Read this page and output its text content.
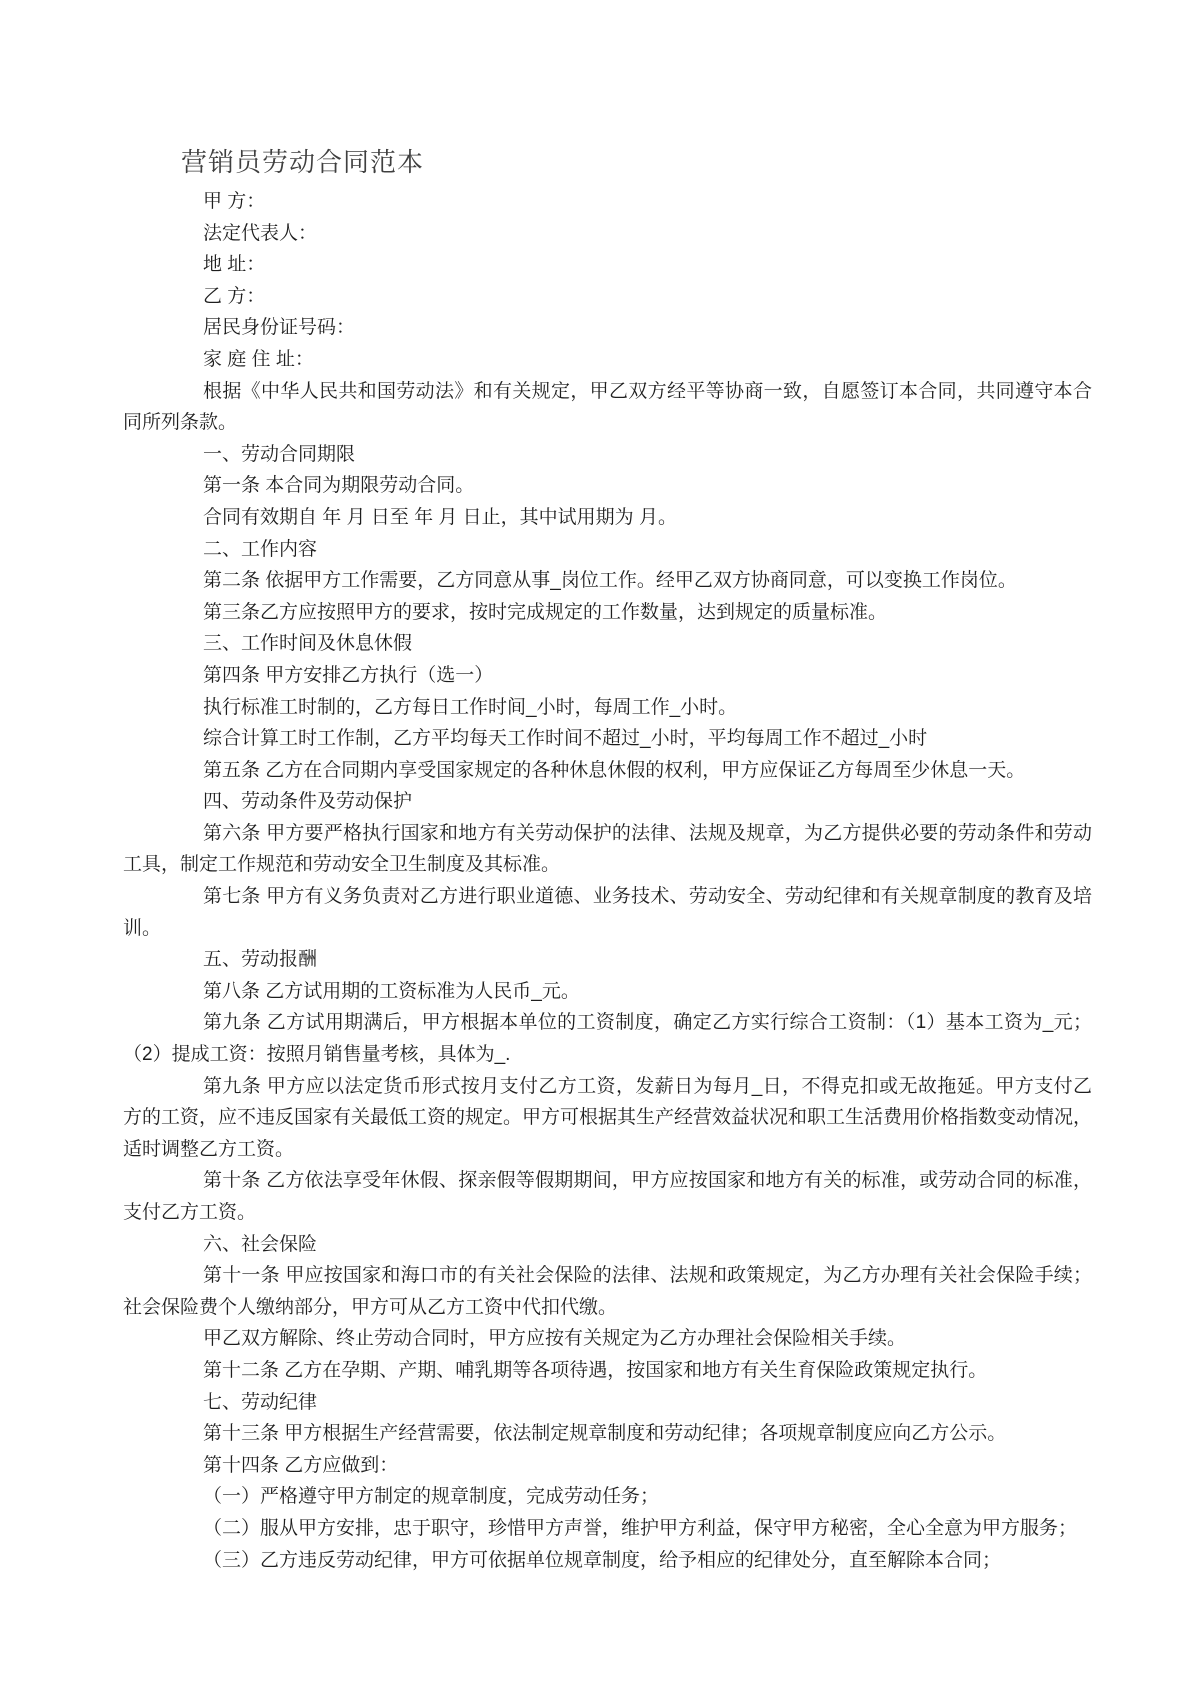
营销员劳动合同范本

甲 方：

法定代表人：

地 址：

乙 方：

居民身份证号码：

家 庭 住 址：

根据《中华人民共和国劳动法》和有关规定，甲乙双方经平等协商一致，自愿签订本合同，共同遵守本合同所列条款。

一、劳动合同期限

第一条 本合同为期限劳动合同。

合同有效期自 年 月 日至 年 月 日止，其中试用期为 月。

二、工作内容

第二条 依据甲方工作需要，乙方同意从事_岗位工作。经甲乙双方协商同意，可以变换工作岗位。

第三条乙方应按照甲方的要求，按时完成规定的工作数量，达到规定的质量标准。

三、工作时间及休息休假

第四条 甲方安排乙方执行（选一）

执行标准工时制的，乙方每日工作时间_小时，每周工作_小时。

综合计算工时工作制，乙方平均每天工作时间不超过_小时，平均每周工作不超过_小时

第五条 乙方在合同期内享受国家规定的各种休息休假的权利，甲方应保证乙方每周至少休息一天。

四、劳动条件及劳动保护

第六条 甲方要严格执行国家和地方有关劳动保护的法律、法规及规章，为乙方提供必要的劳动条件和劳动工具，制定工作规范和劳动安全卫生制度及其标准。

第七条 甲方有义务负责对乙方进行职业道德、业务技术、劳动安全、劳动纪律和有关规章制度的教育及培训。

五、劳动报酬

第八条 乙方试用期的工资标准为人民币_元。

第九条 乙方试用期满后，甲方根据本单位的工资制度，确定乙方实行综合工资制：（1）基本工资为_元；（2）提成工资：按照月销售量考核，具体为_.

第九条 甲方应以法定货币形式按月支付乙方工资，发薪日为每月_日，不得克扣或无故拖延。甲方支付乙方的工资，应不违反国家有关最低工资的规定。甲方可根据其生产经营效益状况和职工生活费用价格指数变动情况，适时调整乙方工资。

第十条 乙方依法享受年休假、探亲假等假期期间，甲方应按国家和地方有关的标准，或劳动合同的标准，支付乙方工资。

六、社会保险

第十一条 甲应按国家和海口市的有关社会保险的法律、法规和政策规定，为乙方办理有关社会保险手续；社会保险费个人缴纳部分，甲方可从乙方工资中代扣代缴。

甲乙双方解除、终止劳动合同时，甲方应按有关规定为乙方办理社会保险相关手续。

第十二条 乙方在孕期、产期、哺乳期等各项待遇，按国家和地方有关生育保险政策规定执行。

七、劳动纪律

第十三条 甲方根据生产经营需要，依法制定规章制度和劳动纪律；各项规章制度应向乙方公示。

第十四条 乙方应做到：

（一）严格遵守甲方制定的规章制度，完成劳动任务；

（二）服从甲方安排，忠于职守，珍惜甲方声誉，维护甲方利益，保守甲方秘密，全心全意为甲方服务；

（三）乙方违反劳动纪律，甲方可依据单位规章制度，给予相应的纪律处分，直至解除本合同；
